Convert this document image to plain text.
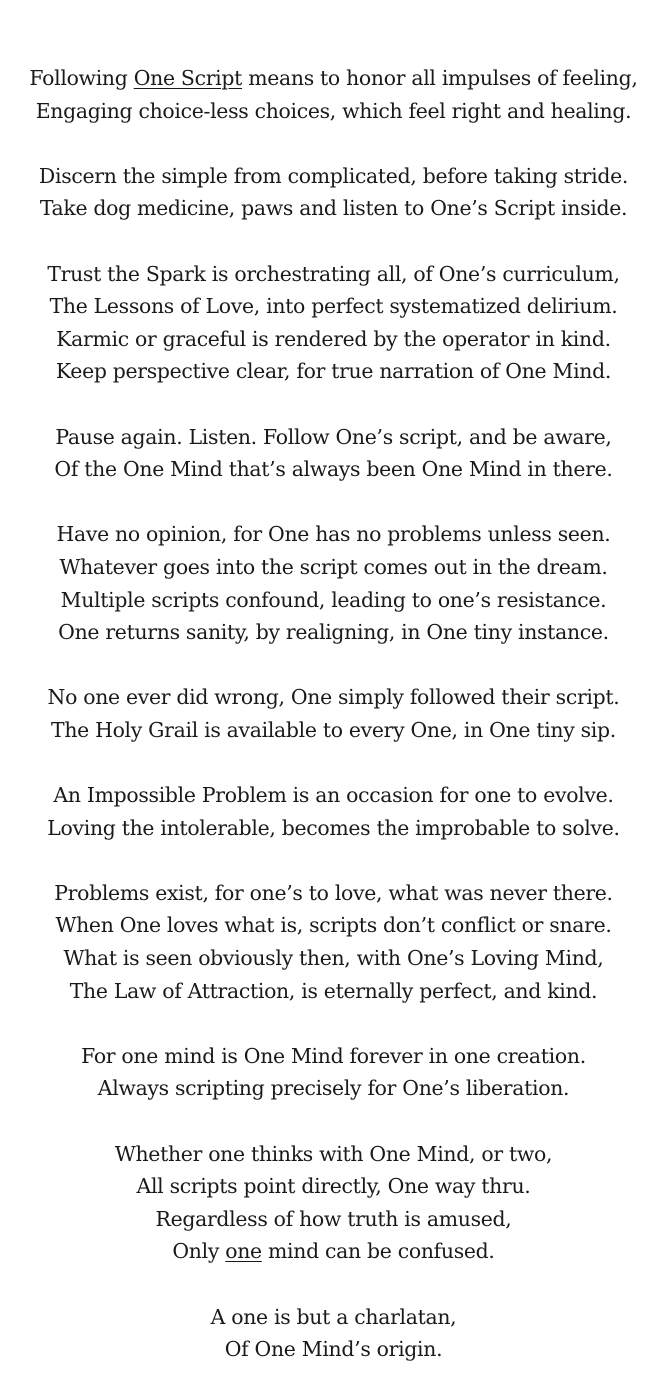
Following One Script means to honor all impulses of feeling,
Engaging choice-less choices, which feel right and healing.
Discern the simple from complicated, before taking stride.
Take dog medicine, paws and listen to One’s Script inside.
Trust the Spark is orchestrating all, of One’s curriculum,
The Lessons of Love, into perfect systematized delirium.
Karmic or graceful is rendered by the operator in kind.
Keep perspective clear, for true narration of One Mind.
Pause again. Listen. Follow One’s script, and be aware,
Of the One Mind that’s always been One Mind in there.
Have no opinion, for One has no problems unless seen.
Whatever goes into the script comes out in the dream.
Multiple scripts confound, leading to one’s resistance.
One returns sanity, by realigning, in One tiny instance.
No one ever did wrong, One simply followed their script.
The Holy Grail is available to every One, in One tiny sip.
An Impossible Problem is an occasion for one to evolve.
Loving the intolerable, becomes the improbable to solve.
Problems exist, for one’s to love, what was never there.
When One loves what is, scripts don’t conflict or snare.
What is seen obviously then, with One’s Loving Mind,
The Law of Attraction, is eternally perfect, and kind.
For one mind is One Mind forever in one creation.
Always scripting precisely for One’s liberation.
Whether one thinks with One Mind, or two,
All scripts point directly, One way thru.
Regardless of how truth is amused,
Only one mind can be confused.
A one is but a charlatan,
Of One Mind’s origin.
